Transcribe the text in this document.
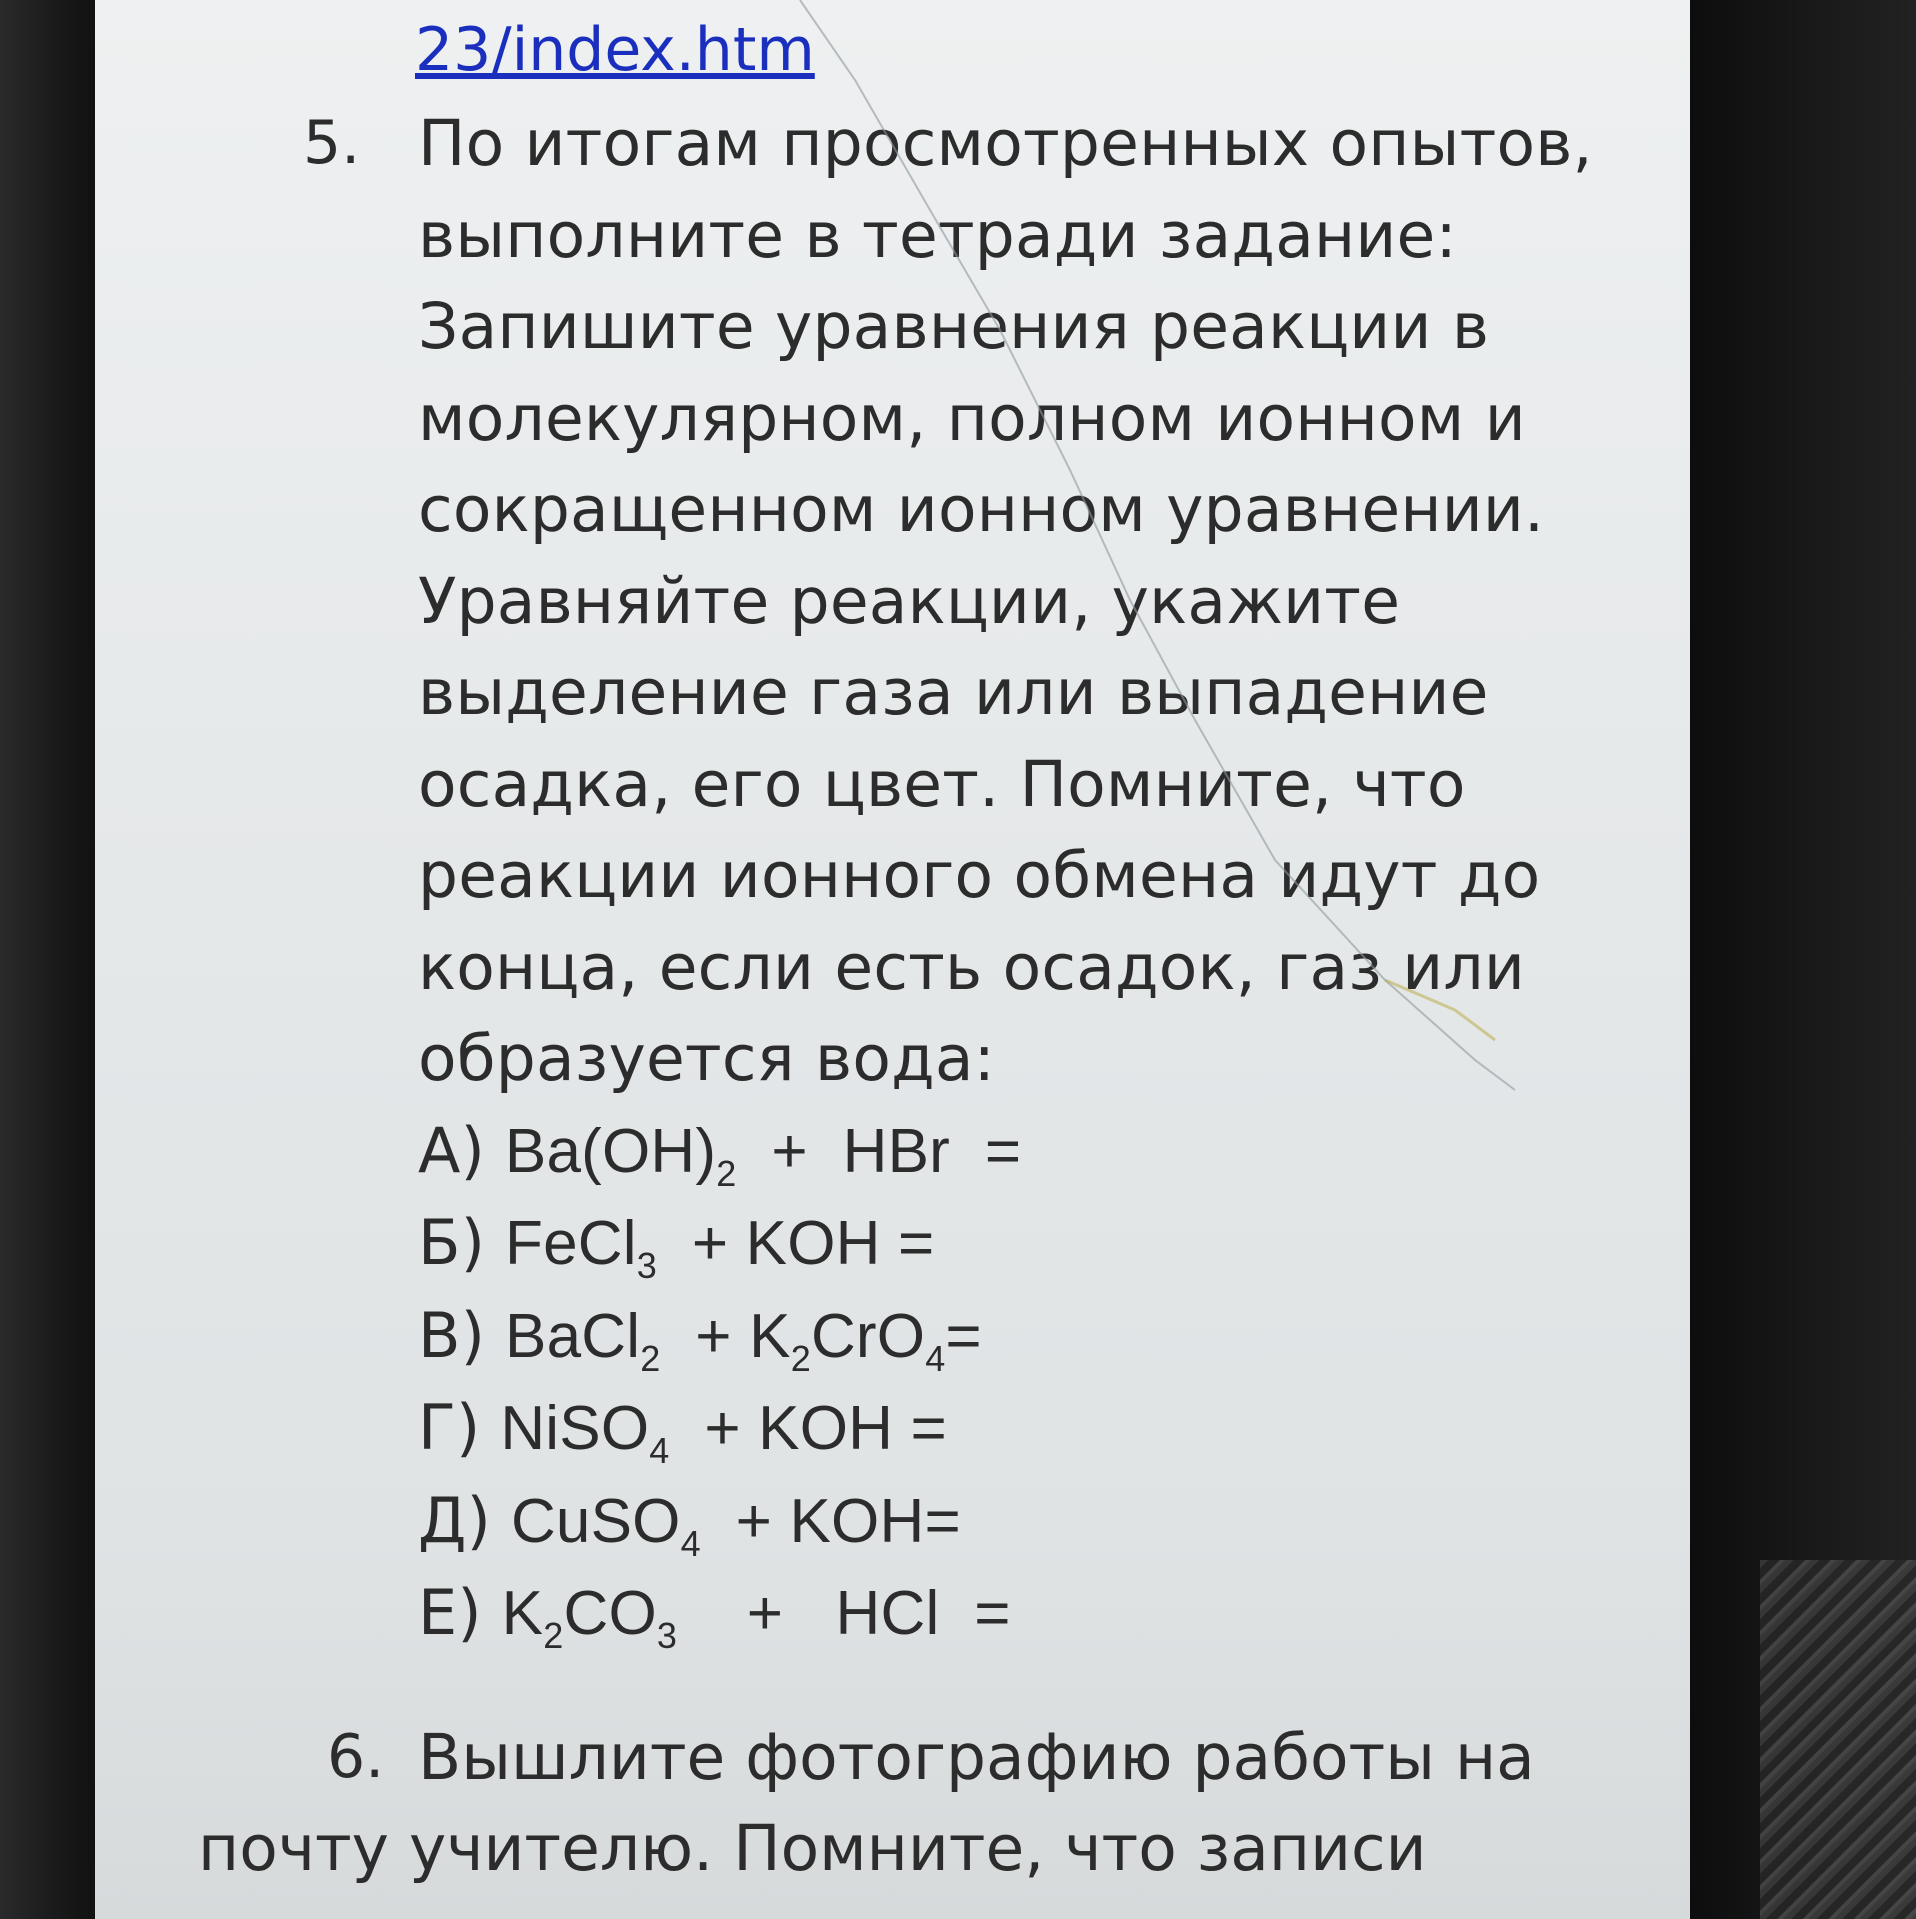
23/index.htm
5. По итогам просмотренных опытов,
выполните в тетради задание:
Запишите уравнения реакции в
молекулярном, полном ионном и
сокращенном ионном уравнении.
Уравняйте реакции, укажите
выделение газа или выпадение
осадка, его цвет. Помните, что
реакции ионного обмена идут до
конца, если есть осадок, газ или
образуется вода:
А) $Ba(OH)_2$  +  HBr  =
Б) FeCl$_3$  + KOH =
В) BaCl$_2$  + $K_2CrO_4=$
Г) NiSO$_4$  + KOH =
Д) CuSO$_4$  + KOH=
Е) $K_2CO_3$    +   HCl  =
6. Вышлите фотографию работы на
почту учителю. Помните, что записи
